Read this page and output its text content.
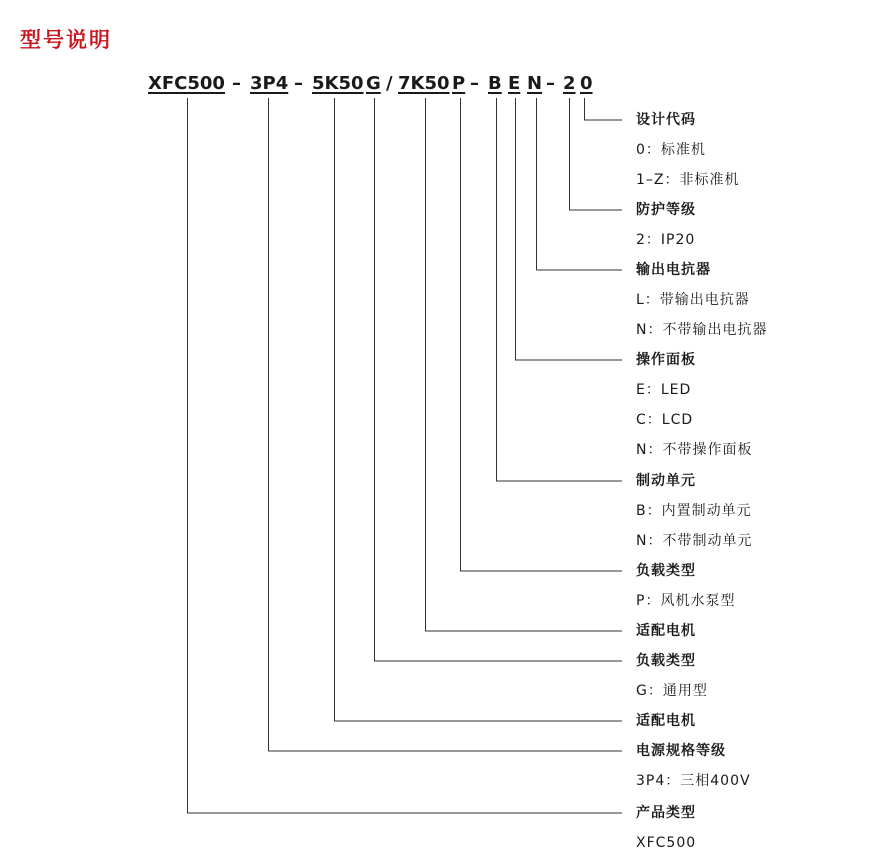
型号说明
XFC500 – 3P4 – 5K50 G / 7K50 P – B E N – 2 0
设计代码
0：标准机
1–Z：非标准机
防护等级
2：IP20
输出电抗器
L：带输出电抗器
N：不带输出电抗器
操作面板
E：LED
C：LCD
N：不带操作面板
制动单元
B：内置制动单元
N：不带制动单元
负载类型
P：风机水泵型
适配电机
负载类型
G：通用型
适配电机
电源规格等级
3P4：三相400V
产品类型
XFC500
